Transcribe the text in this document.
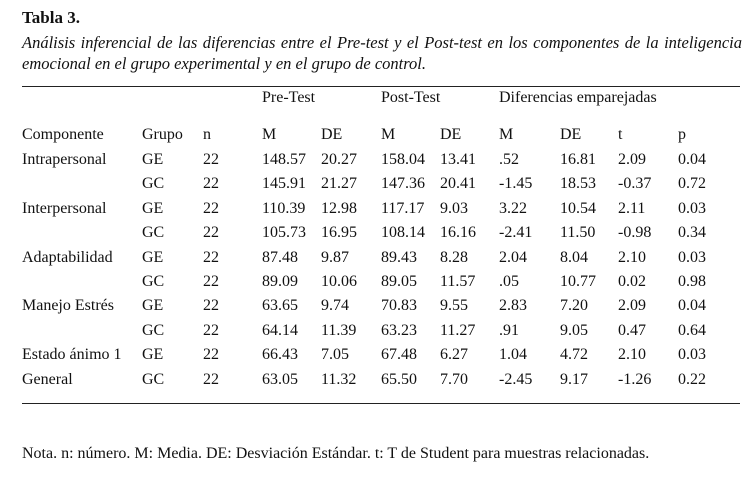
Tabla 3.
Análisis inferencial de las diferencias entre el Pre-test y el Post-test en los componentes de la inteligencia emocional en el grupo experimental y en el grupo de control.
Pre-Test	Post-Test	Diferencias emparejadas
Componente Grupo n	M	DE M	DE M	DE t	p
Intrapersonal GE 22	148.57 20.27 158.04 13.41 .52	16.81 2.09 0.04
GC 22	145.91 21.27 147.36 20.41 -1.45 18.53 -0.37 0.72
Interpersonal GE 22	110.39 12.98 117.17 9.03 3.22 10.54 2.11 0.03
GC 22	105.73 16.95 108.14 16.16 -2.41 11.50 -0.98 0.34
Adaptabilidad GE 22	87.48 9.87 89.43 8.28 2.04 8.04 2.10 0.03
GC 22	89.09 10.06 89.05 11.57 .05	10.77 0.02 0.98
Manejo Estrés GE 22	63.65 9.74 70.83 9.55 2.83 7.20 2.09 0.04
GC 22	64.14 11.39 63.23 11.27 .91	9.05 0.47 0.64
Estado ánimo 1 GE 22	66.43 7.05 67.48 6.27 1.04 4.72 2.10 0.03
General	GC 22	63.05 11.32 65.50 7.70 -2.45 9.17 -1.26 0.22
Nota. n: número. M: Media. DE: Desviación Estándar. t: T de Student para muestras relacionadas.
